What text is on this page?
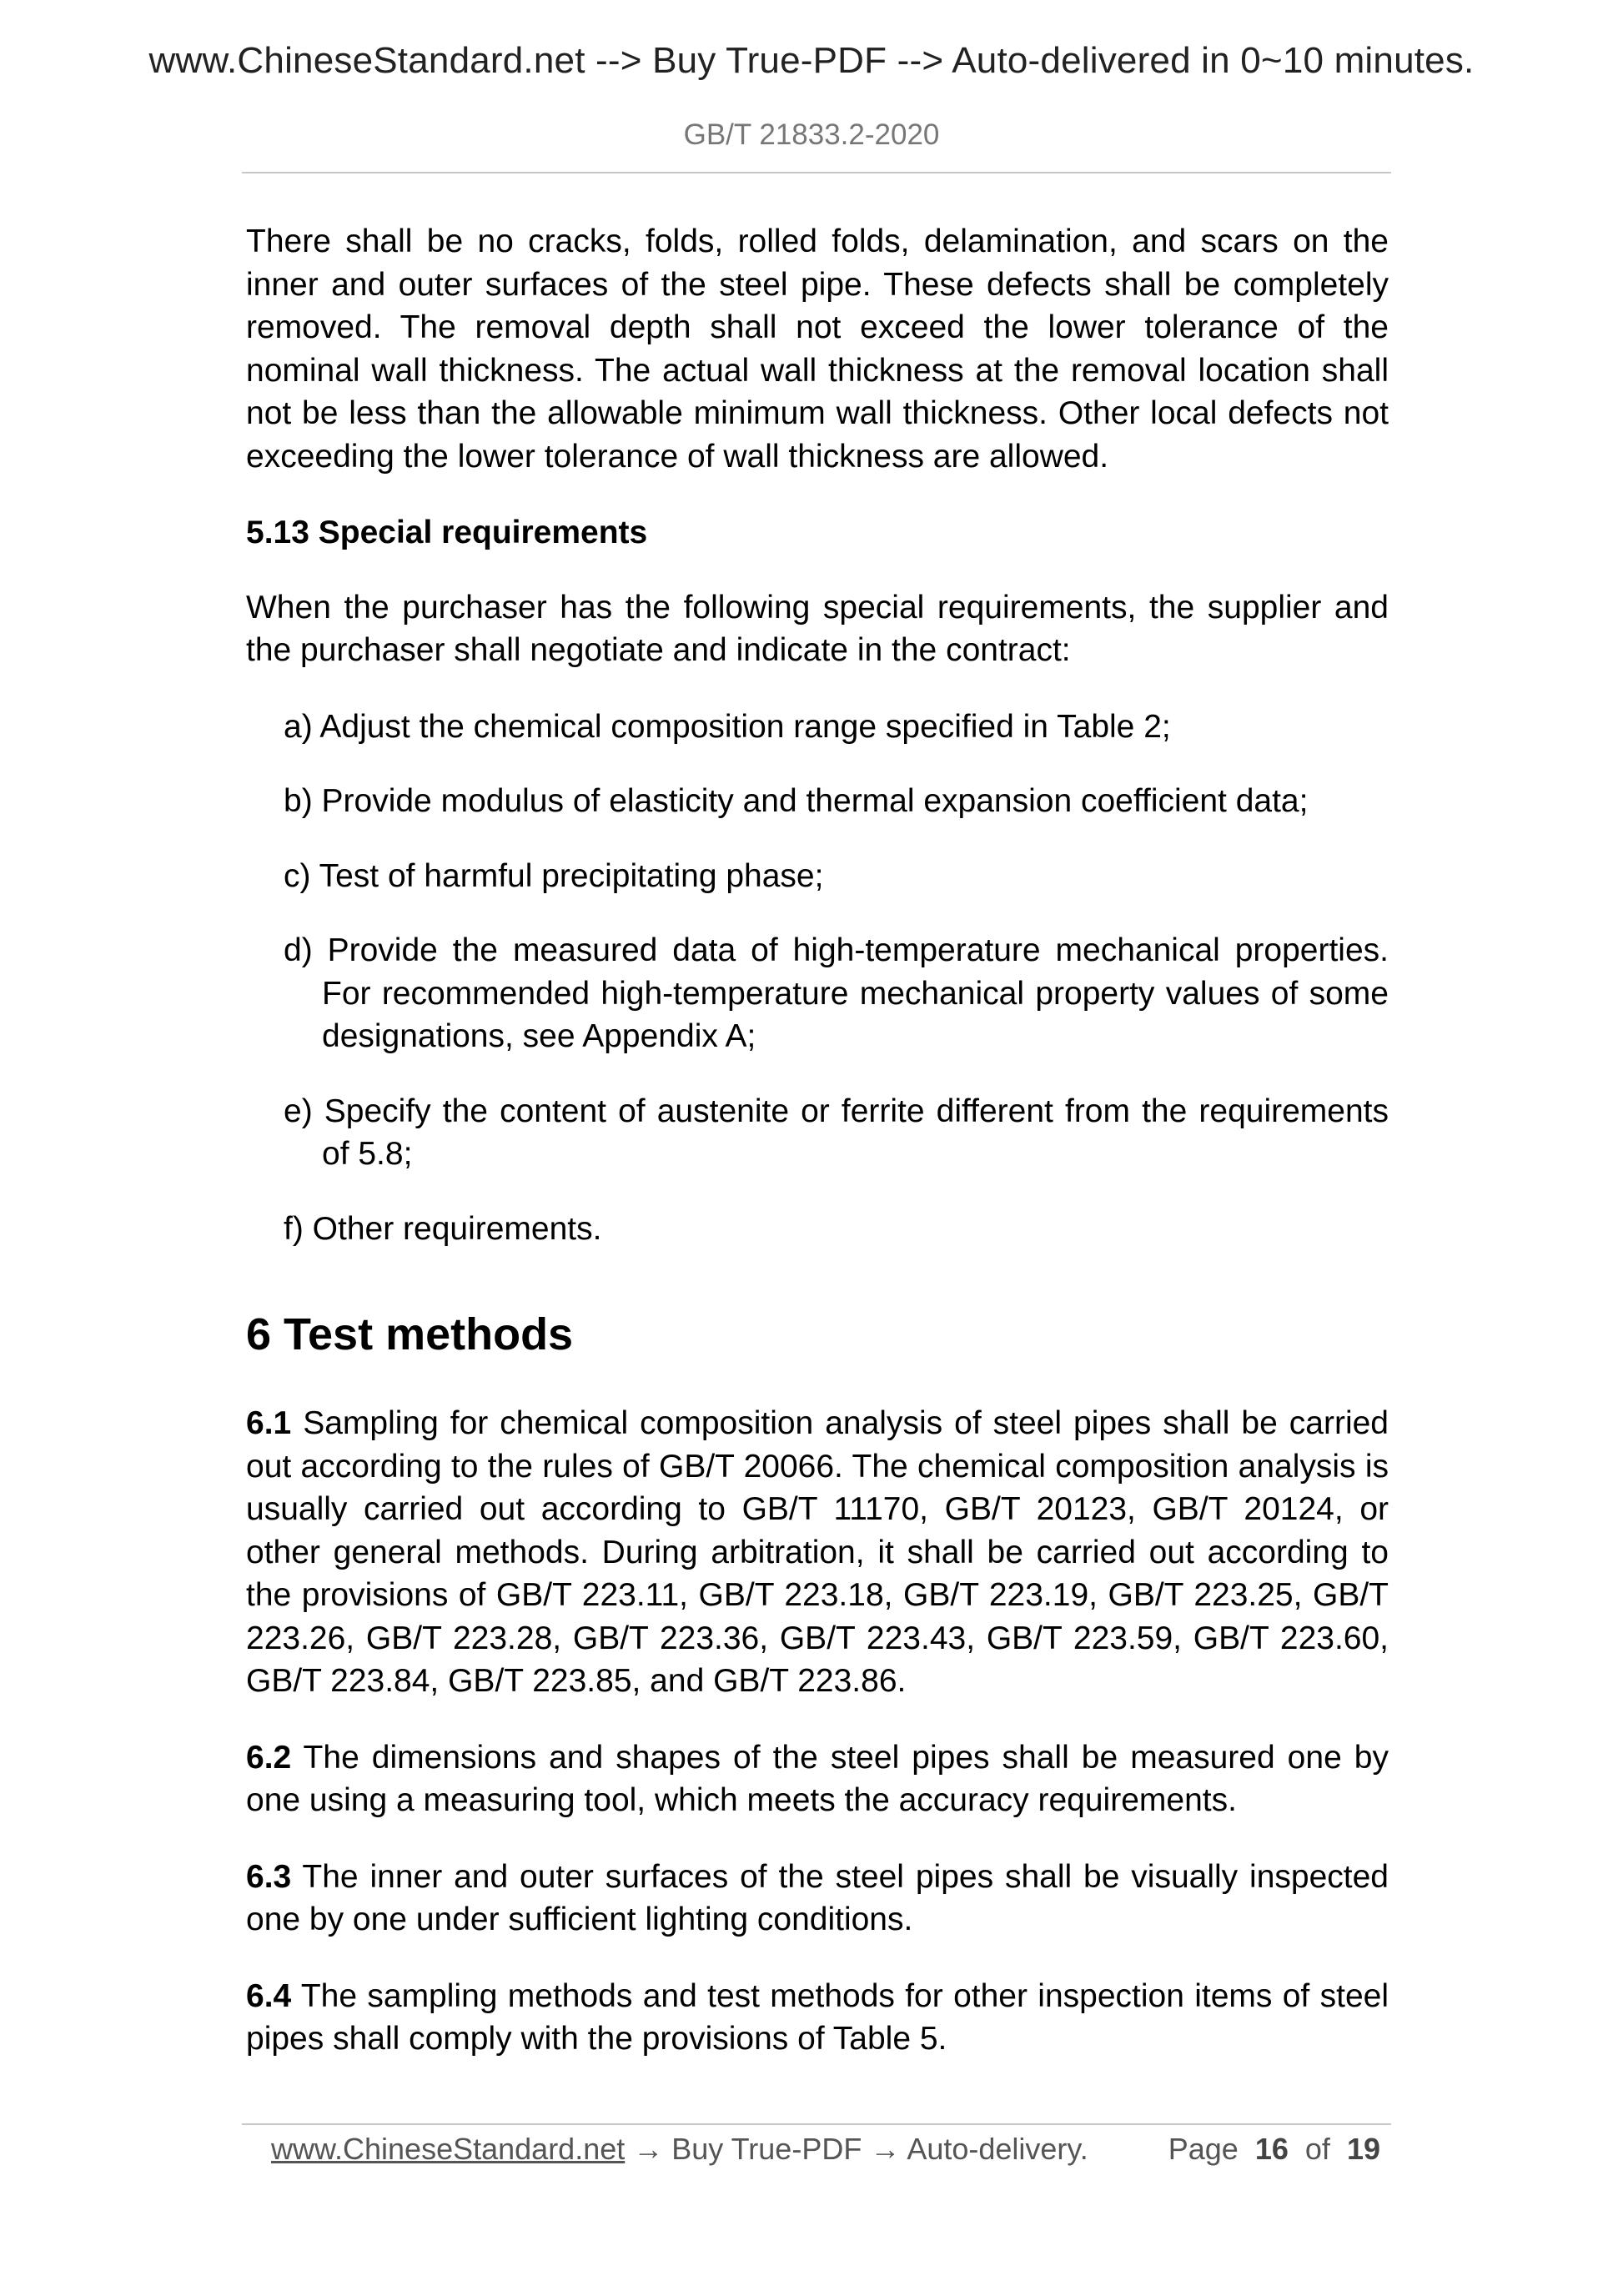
www.ChineseStandard.net --> Buy True-PDF --> Auto-delivered in 0~10 minutes.
GB/T 21833.2-2020

There shall be no cracks, folds, rolled folds, delamination, and scars on the inner and outer surfaces of the steel pipe. These defects shall be completely removed. The removal depth shall not exceed the lower tolerance of the nominal wall thickness. The actual wall thickness at the removal location shall not be less than the allowable minimum wall thickness. Other local defects not exceeding the lower tolerance of wall thickness are allowed.

5.13 Special requirements

When the purchaser has the following special requirements, the supplier and the purchaser shall negotiate and indicate in the contract:

a) Adjust the chemical composition range specified in Table 2;
b) Provide modulus of elasticity and thermal expansion coefficient data;
c) Test of harmful precipitating phase;
d) Provide the measured data of high-temperature mechanical properties. For recommended high-temperature mechanical property values of some designations, see Appendix A;
e) Specify the content of austenite or ferrite different from the requirements of 5.8;
f) Other requirements.
6 Test methods

6.1 Sampling for chemical composition analysis of steel pipes shall be carried out according to the rules of GB/T 20066. The chemical composition analysis is usually carried out according to GB/T 11170, GB/T 20123, GB/T 20124, or other general methods. During arbitration, it shall be carried out according to the provisions of GB/T 223.11, GB/T 223.18, GB/T 223.19, GB/T 223.25, GB/T 223.26, GB/T 223.28, GB/T 223.36, GB/T 223.43, GB/T 223.59, GB/T 223.60, GB/T 223.84, GB/T 223.85, and GB/T 223.86.

6.2 The dimensions and shapes of the steel pipes shall be measured one by one using a measuring tool, which meets the accuracy requirements.

6.3 The inner and outer surfaces of the steel pipes shall be visually inspected one by one under sufficient lighting conditions.

6.4 The sampling methods and test methods for other inspection items of steel pipes shall comply with the provisions of Table 5.

www.ChineseStandard.net → Buy True-PDF → Auto-delivery.	Page 16 of 19
